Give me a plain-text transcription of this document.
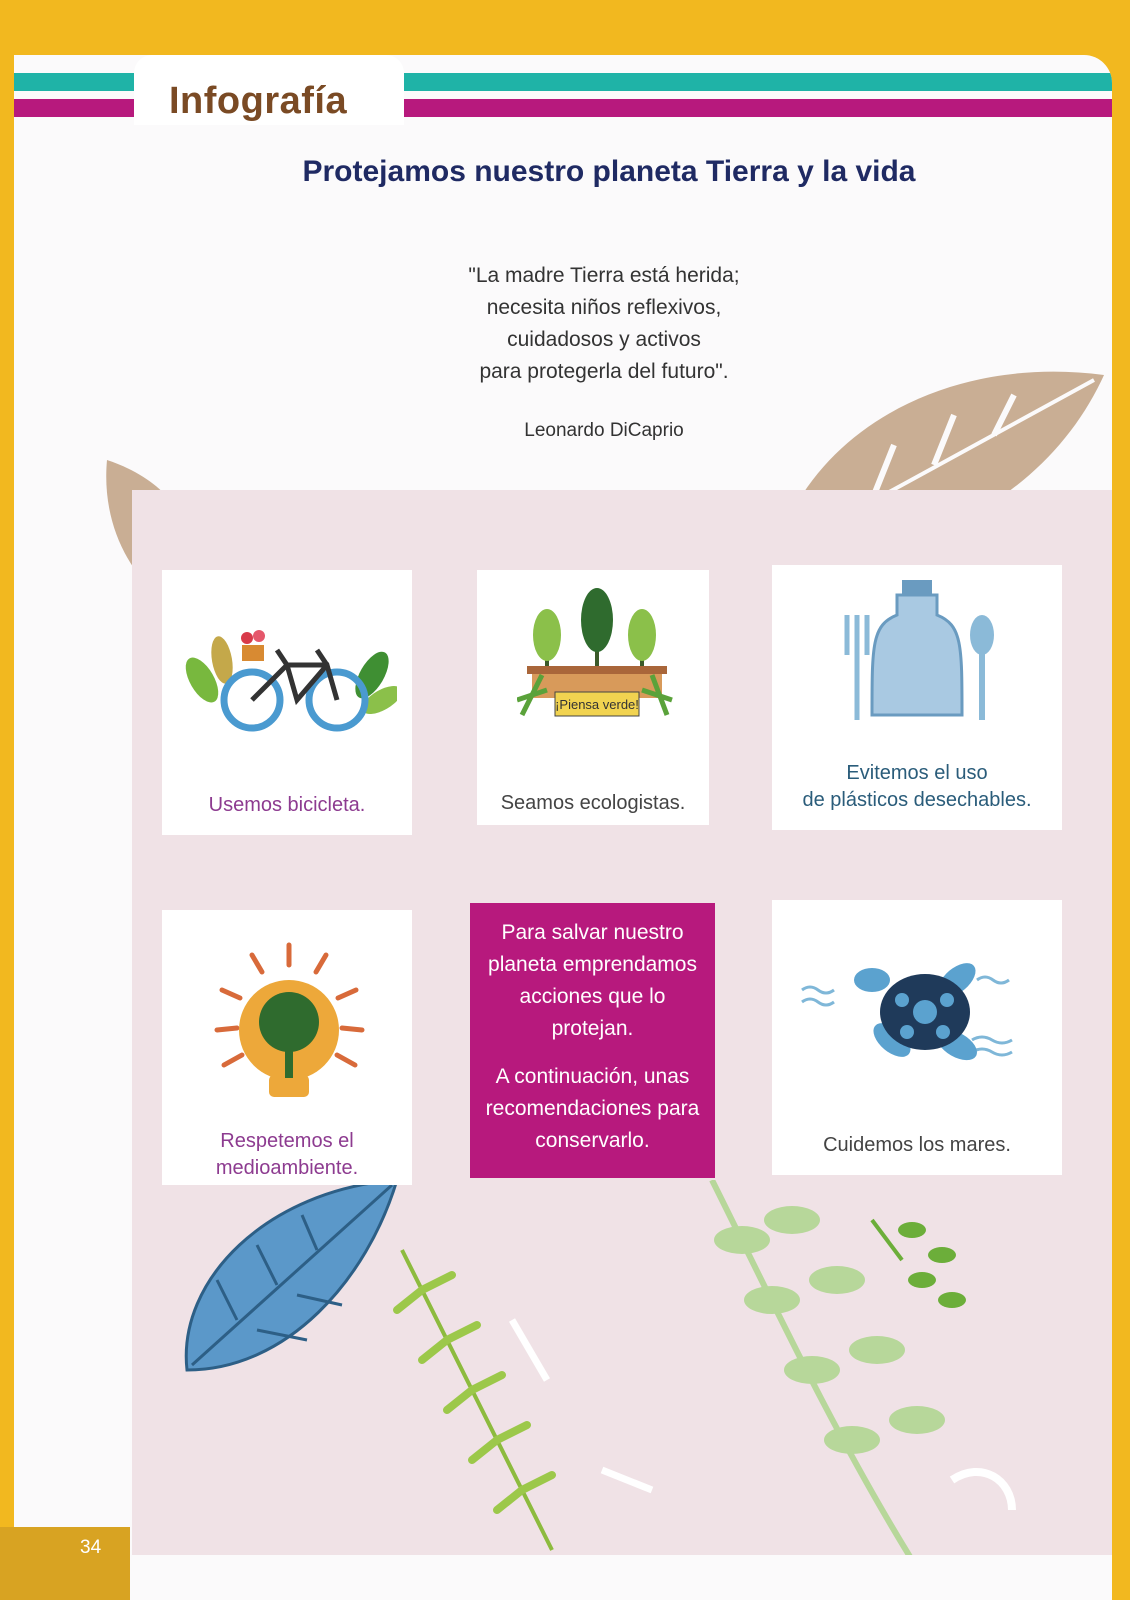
Infografía
Protejamos nuestro planeta Tierra y la vida
"La madre Tierra está herida;
necesita niños reflexivos,
cuidadosos y activos
para protegerla del futuro".
Leonardo DiCaprio
Usemos bicicleta.
¡Piensa verde!
Seamos ecologistas.
Evitemos el uso
de plásticos desechables.
Respetemos el
medioambiente.

Para salvar nuestro
planeta emprendamos
acciones que lo
protejan.

A continuación, unas
recomendaciones para
conservarlo.	Cuidemos los mares.
34
